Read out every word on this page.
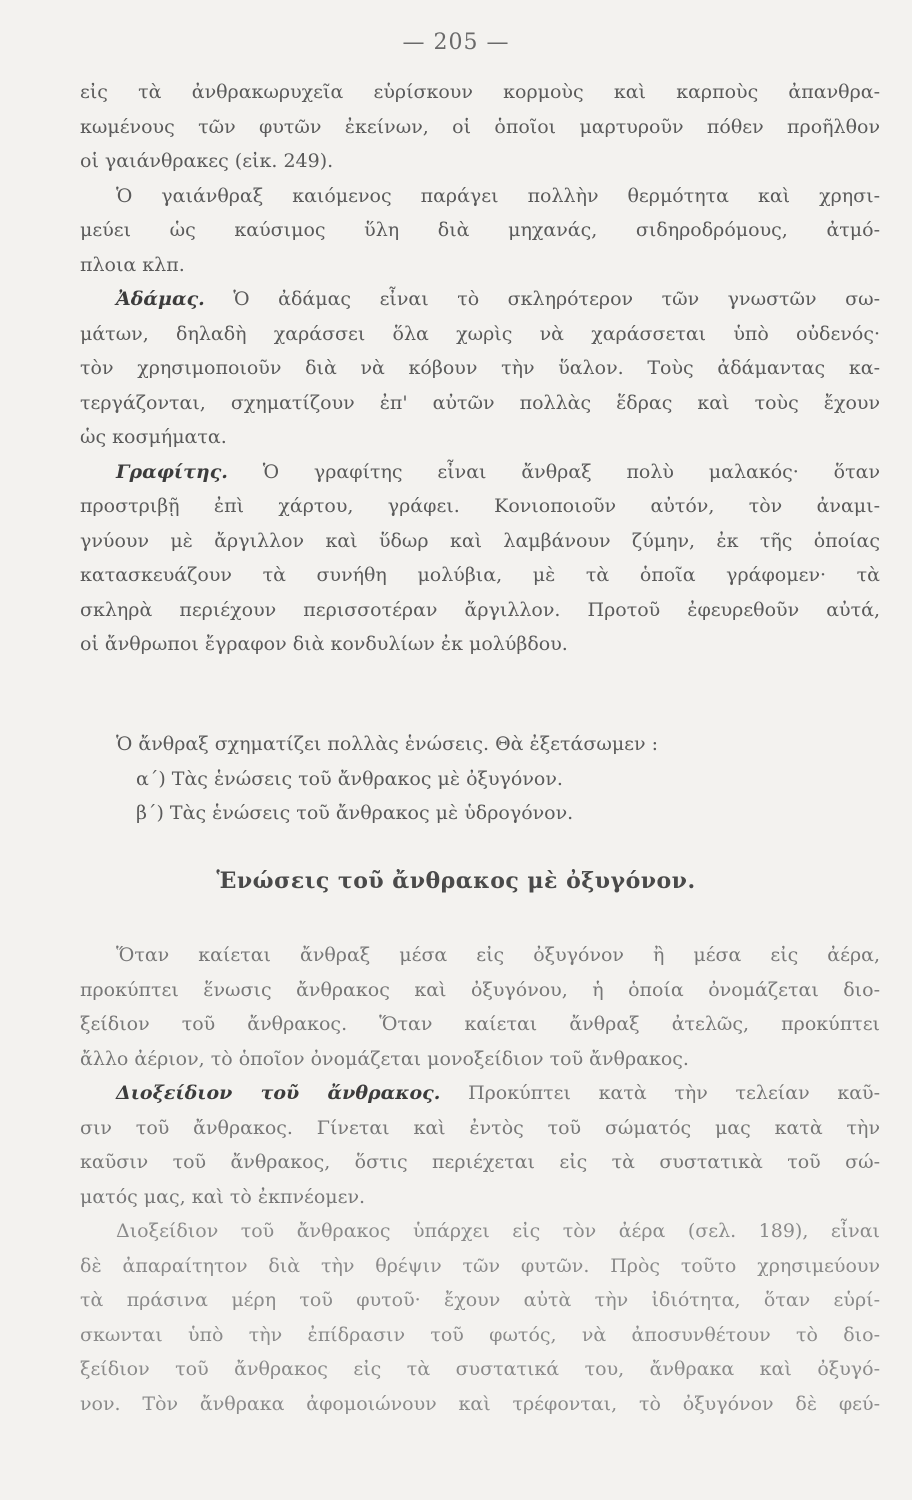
— 205 —
εἰς τὰ ἀνθρακωρυχεῖα εὑρίσκουν κορμοὺς καὶ καρποὺς ἀπανθρα-
κωμένους τῶν φυτῶν ἐκείνων, οἱ ὁποῖοι μαρτυροῦν πόθεν προῆλθον
οἱ γαιάνθρακες (εἰκ. 249).
Ὁ γαιάνθραξ καιόμενος παράγει πολλὴν θερμότητα καὶ χρησι-
μεύει ὡς καύσιμος ὕλη διὰ μηχανάς, σιδηροδρόμους, ἀτμό-
πλοια κλπ.
Ἀδάμας. Ὁ ἀδάμας εἶναι τὸ σκληρότερον τῶν γνωστῶν σω-
μάτων, δηλαδὴ χαράσσει ὅλα χωρὶς νὰ χαράσσεται ὑπὸ οὐδενός·
τὸν χρησιμοποιοῦν διὰ νὰ κόβουν τὴν ὕαλον. Τοὺς ἀδάμαντας κα-
τεργάζονται, σχηματίζουν ἐπ' αὐτῶν πολλὰς ἕδρας καὶ τοὺς ἔχουν
ὡς κοσμήματα.
Γραφίτης. Ὁ γραφίτης εἶναι ἄνθραξ πολὺ μαλακός· ὅταν
προστριβῇ ἐπὶ χάρτου, γράφει. Κονιοποιοῦν αὐτόν, τὸν ἀναμι-
γνύουν μὲ ἄργιλλον καὶ ὕδωρ καὶ λαμβάνουν ζύμην, ἐκ τῆς ὁποίας
κατασκευάζουν τὰ συνήθη μολύβια, μὲ τὰ ὁποῖα γράφομεν· τὰ
σκληρὰ περιέχουν περισσοτέραν ἄργιλλον. Προτοῦ ἐφευρεθοῦν αὐτά,
οἱ ἄνθρωποι ἔγραφον διὰ κονδυλίων ἐκ μολύβδου.
Ὁ ἄνθραξ σχηματίζει πολλὰς ἑνώσεις. Θὰ ἐξετάσωμεν :
α΄) Τὰς ἑνώσεις τοῦ ἄνθρακος μὲ ὀξυγόνον.
β΄) Τὰς ἑνώσεις τοῦ ἄνθρακος μὲ ὑδρογόνον.
Ἑνώσεις τοῦ ἄνθρακος μὲ ὀξυγόνον.
Ὅταν καίεται ἄνθραξ μέσα εἰς ὀξυγόνον ἢ μέσα εἰς ἀέρα,
προκύπτει ἕνωσις ἄνθρακος καὶ ὀξυγόνου, ἡ ὁποία ὀνομάζεται διο-
ξείδιον τοῦ ἄνθρακος. Ὅταν καίεται ἄνθραξ ἀτελῶς, προκύπτει
ἄλλο ἀέριον, τὸ ὁποῖον ὀνομάζεται μονοξείδιον τοῦ ἄνθρακος.
Διοξείδιον τοῦ ἄνθρακος. Προκύπτει κατὰ τὴν τελείαν καῦ-
σιν τοῦ ἄνθρακος. Γίνεται καὶ ἐντὸς τοῦ σώματός μας κατὰ τὴν
καῦσιν τοῦ ἄνθρακος, ὅστις περιέχεται εἰς τὰ συστατικὰ τοῦ σώ-
ματός μας, καὶ τὸ ἐκπνέομεν.
Διοξείδιον τοῦ ἄνθρακος ὑπάρχει εἰς τὸν ἀέρα (σελ. 189), εἶναι
δὲ ἀπαραίτητον διὰ τὴν θρέψιν τῶν φυτῶν. Πρὸς τοῦτο χρησιμεύουν
τὰ πράσινα μέρη τοῦ φυτοῦ· ἔχουν αὐτὰ τὴν ἰδιότητα, ὅταν εὑρί-
σκωνται ὑπὸ τὴν ἐπίδρασιν τοῦ φωτός, νὰ ἀποσυνθέτουν τὸ διο-
ξείδιον τοῦ ἄνθρακος εἰς τὰ συστατικά του, ἄνθρακα καὶ ὀξυγό-
νον. Τὸν ἄνθρακα ἀφομοιώνουν καὶ τρέφονται, τὸ ὀξυγόνον δὲ φεύ-
